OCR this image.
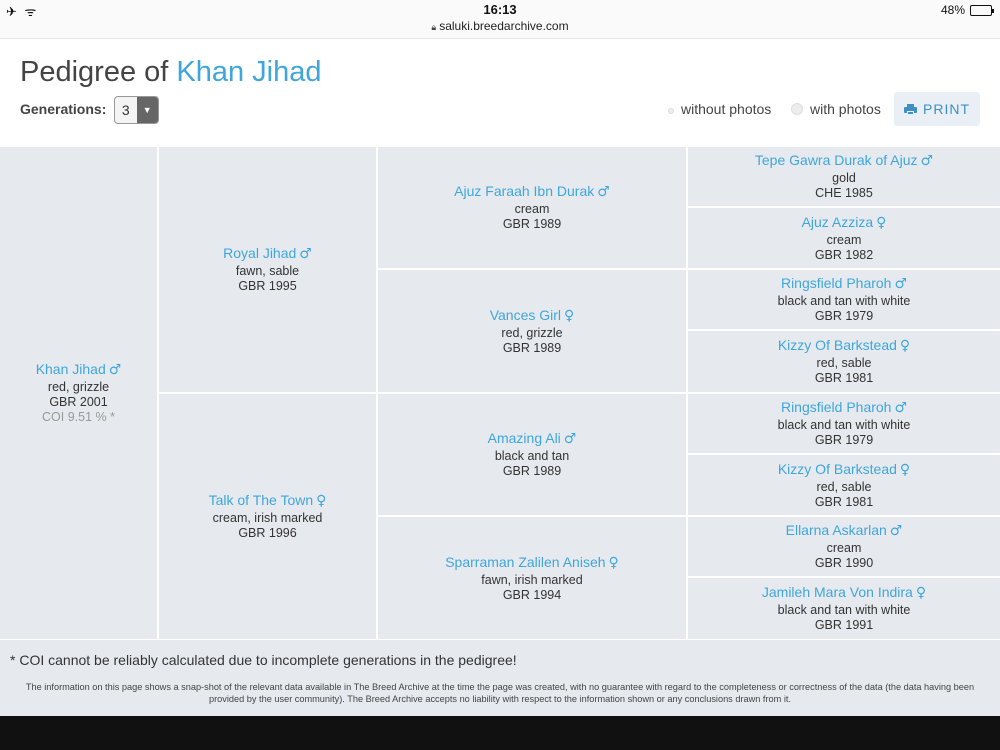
✈ ᯤ	16:13	48%
🔒︎ saluki.breedarchive.com
Pedigree of Khan Jihad
Generations:	3	▼	without photos	with photos	PRINT
Khan Jihad ♂
red, grizzle
GBR 2001
COI 9.51 % *
Royal Jihad ♂
fawn, sable
GBR 1995
Talk of The Town ♀
cream, irish marked
GBR 1996
Ajuz Faraah Ibn Durak ♂
cream
GBR 1989
Vances Girl ♀
red, grizzle
GBR 1989
Amazing Ali ♂
black and tan
GBR 1989
Sparraman Zalilen Aniseh ♀
fawn, irish marked
GBR 1994
Tepe Gawra Durak of Ajuz ♂
gold
CHE 1985
Ajuz Azziza ♀
cream
GBR 1982
Ringsfield Pharoh ♂
black and tan with white
GBR 1979
Kizzy Of Barkstead ♀
red, sable
GBR 1981
Ringsfield Pharoh ♂
black and tan with white
GBR 1979
Kizzy Of Barkstead ♀
red, sable
GBR 1981
Ellarna Askarlan ♂
cream
GBR 1990
Jamileh Mara Von Indira ♀
black and tan with white
GBR 1991
* COI cannot be reliably calculated due to incomplete generations in the pedigree!
The information on this page shows a snap-shot of the relevant data available in The Breed Archive at the time the page was created, with no guarantee with regard to the completeness or correctness of the data (the data having been provided by the user community). The Breed Archive accepts no liability with respect to the information shown or any conclusions drawn from it.
